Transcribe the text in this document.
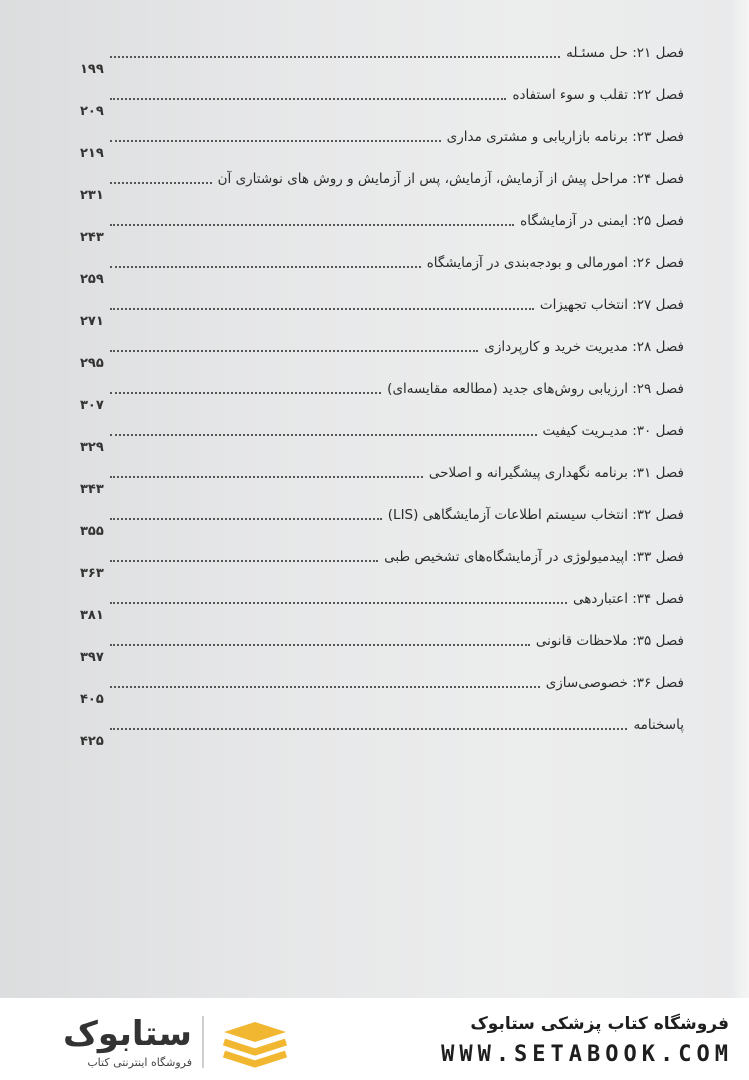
فصل ۲۱: حل مسئـله
۱۹۹
فصل ۲۲: تقلب و سوء استفاده
۲۰۹
فصل ۲۳: برنامه بازاریابی و مشتری مداری
۲۱۹
فصل ۲۴: مراحل پیش از آزمایش، آزمایش، پس از آزمایش و روش های نوشتاری آن
۲۳۱
فصل ۲۵: ایمنی در آزمایشگاه
۲۴۳
فصل ۲۶: امورمالی و بودجه‌بندی در آزمایشگاه
۲۵۹
فصل ۲۷: انتخاب تجهیزات
۲۷۱
فصل ۲۸: مدیریت خرید و کارپردازی
۲۹۵
فصل ۲۹: ارزیابی روش‌های جدید (مطالعه مقایسه‌ای)
۳۰۷
فصل ۳۰: مدیـریت کیفیت
۳۲۹
فصل ۳۱: برنامه نگهداری پیشگیرانه و اصلاحی
۳۴۳
فصل ۳۲: انتخاب سیستم اطلاعات آزمایشگاهی (LIS)
۳۵۵
فصل ۳۳: اپیدمیولوژی در آزمایشگاه‌های تشخیص طبی
۳۶۳
فصل ۳۴: اعتباردهی
۳۸۱
فصل ۳۵: ملاحظات قانونی
۳۹۷
فصل ۳۶: خصوصی‌سازی
۴۰۵
پاسخنامه
۴۲۵
ستابوک
فروشگاه اینترنتی کتاب
فروشگاه کتاب پزشکی ستابوک
WWW.SETABOOK.COM
